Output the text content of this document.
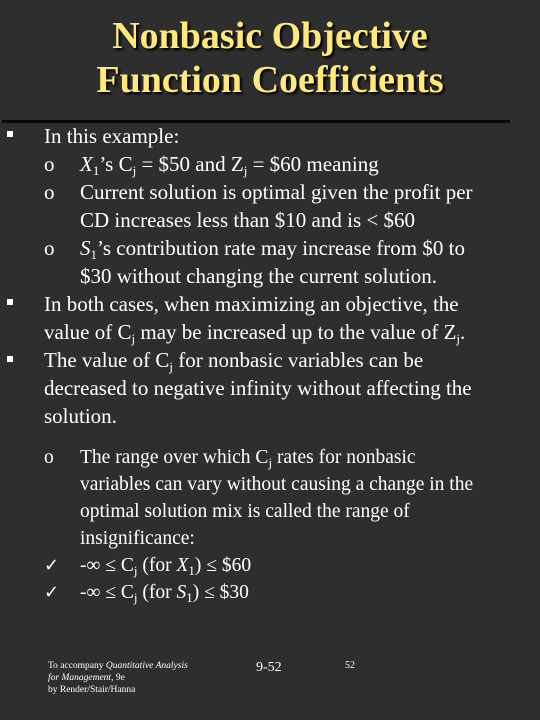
Nonbasic Objective
Function Coefficients
In this example:
o $X_1’s$ $C_j$ = $50 and $Z_j$ = $60 meaning
o Current solution is optimal given the profit per
CD increases less than $10 and is < $60
o $S_1’s$ contribution rate may increase from $0 to
$30 without changing the current solution.
In both cases, when maximizing an objective, the
value of $C_j$ may be increased up to the value of $Z_j$.
The value of $C_j$ for nonbasic variables can be
decreased to negative infinity without affecting the
solution.
o The range over which $C_j$ rates for nonbasic
variables can vary without causing a change in the
optimal solution mix is called the range of
insignificance:
✓ -∞ ≤ $C_j$ (for $X_1$) ≤ $60
✓ -∞ ≤ $C_j$ (for $S_1$) ≤ $30
To accompany Quantitative Analysis
for Management, 9e
by Render/Stair/Hanna
9-52	52
